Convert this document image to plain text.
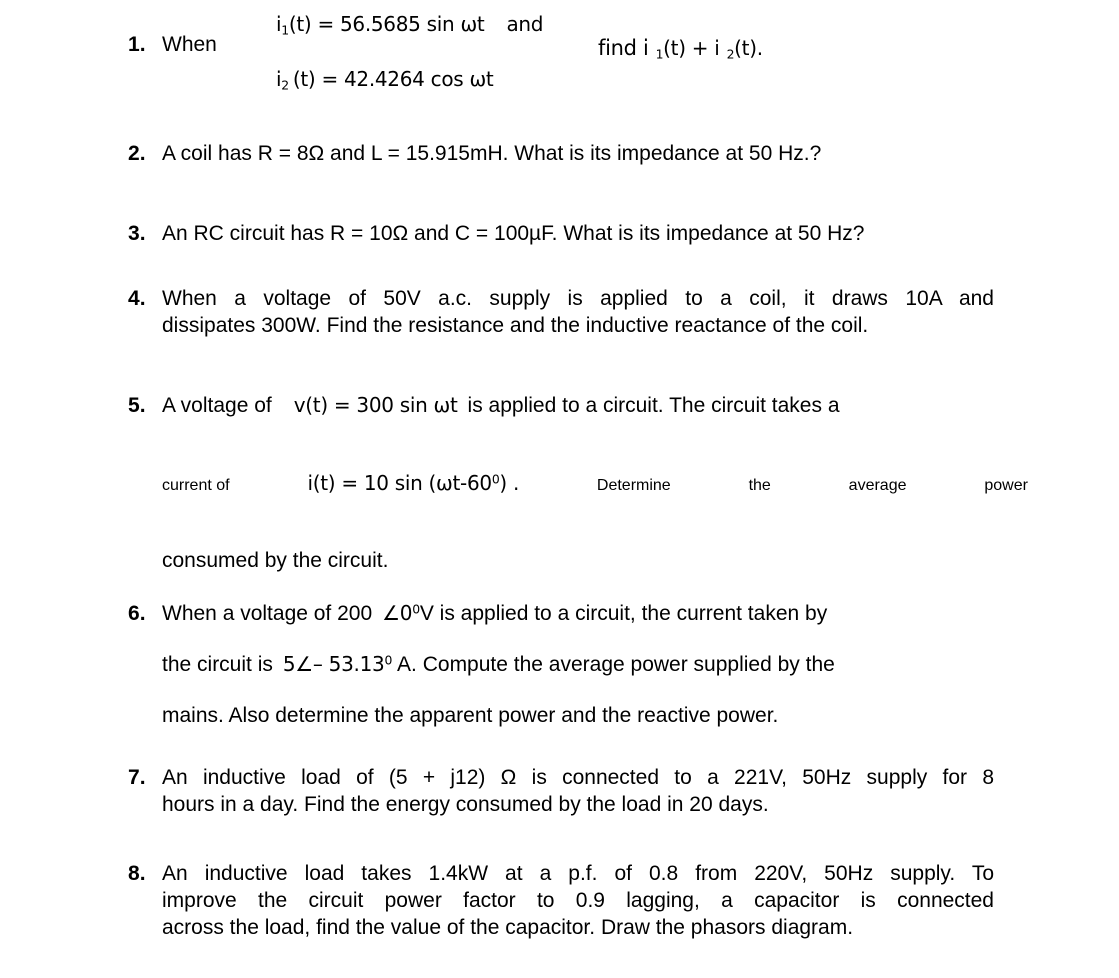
1. When
$i_1(t) = 56.5685$ sin ωt and
$i_2$ (t) = 42.4264 cos ωt
find i $_1$(t) + i $_2$(t).
2. A coil has R = 8Ω and L = 15.915mH. What is its impedance at 50 Hz.?
3. An RC circuit has R = 10Ω and C = 100µF. What is its impedance at 50 Hz?
4. When a voltage of 50V a.c. supply is applied to a coil, it draws 10A and
dissipates 300W. Find the resistance and the inductive reactance of the coil.
5. A voltage of v(t) = 300 sin ωt is applied to a circuit. The circuit takes a
current of	i(t) = 10 $\sin (\omega t-60^0)$ .	Determine	the	average	power
consumed by the circuit.
6. When a voltage of 200 $\angle 0^0V$ is applied to a circuit, the current taken by
the circuit is 5∠– 53.13$^0$ A. Compute the average power supplied by the
mains. Also determine the apparent power and the reactive power.
7. An inductive load of (5 + j12) Ω is connected to a 221V, 50Hz supply for 8
hours in a day. Find the energy consumed by the load in 20 days.
8. An inductive load takes 1.4kW at a p.f. of 0.8 from 220V, 50Hz supply. To
improve the circuit power factor to 0.9 lagging, a capacitor is connected
across the load, find the value of the capacitor. Draw the phasors diagram.
